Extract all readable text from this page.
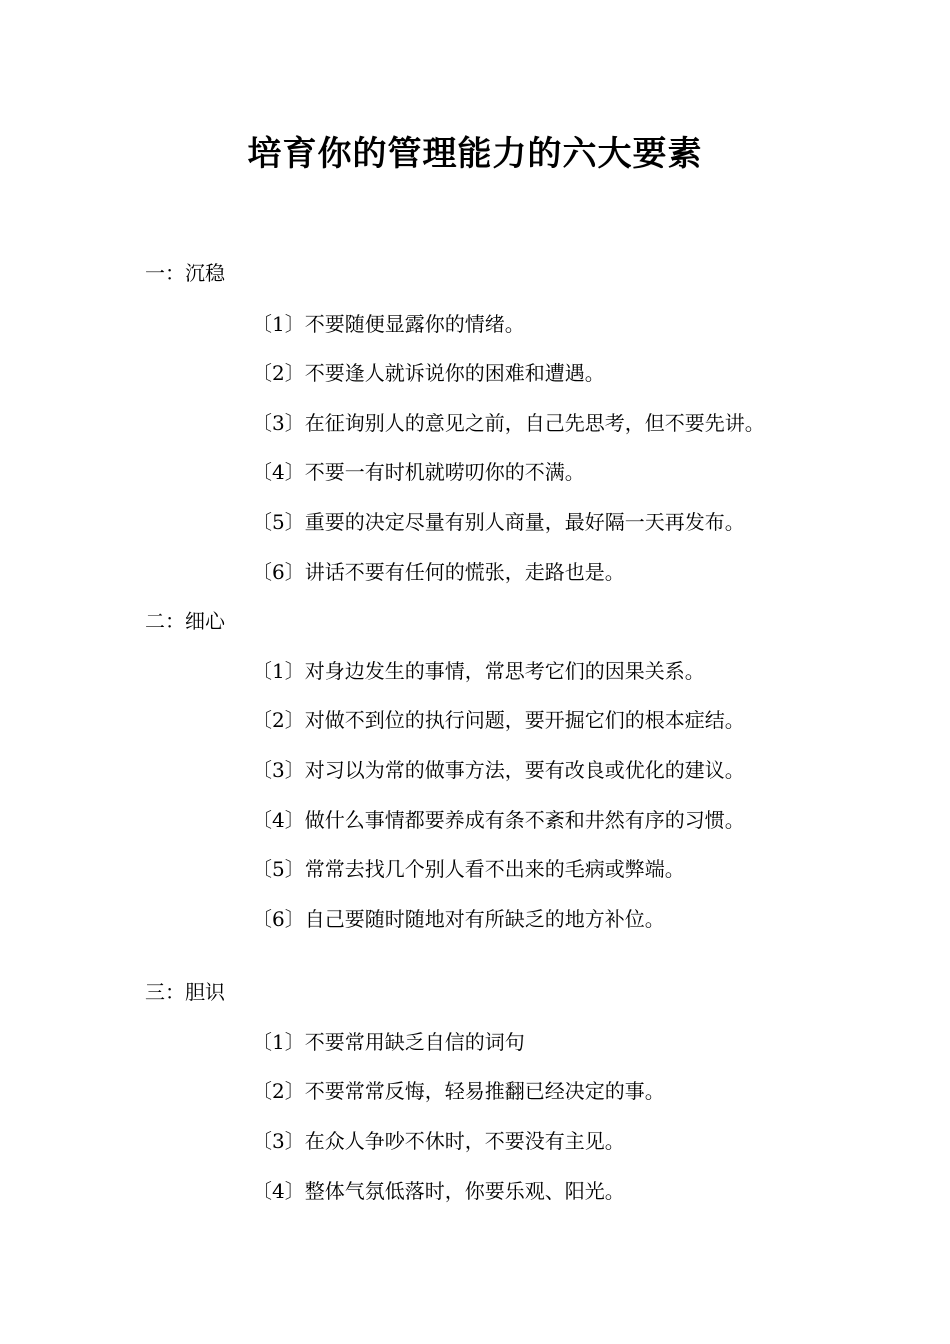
培育你的管理能力的六大要素
一：沉稳
〔1〕不要随便显露你的情绪。
〔2〕不要逢人就诉说你的困难和遭遇。
〔3〕在征询别人的意见之前，自己先思考，但不要先讲。
〔4〕不要一有时机就唠叨你的不满。
〔5〕重要的决定尽量有别人商量，最好隔一天再发布。
〔6〕讲话不要有任何的慌张，走路也是。
二：细心
〔1〕对身边发生的事情，常思考它们的因果关系。
〔2〕对做不到位的执行问题，要开掘它们的根本症结。
〔3〕对习以为常的做事方法，要有改良或优化的建议。
〔4〕做什么事情都要养成有条不紊和井然有序的习惯。
〔5〕常常去找几个别人看不出来的毛病或弊端。
〔6〕自己要随时随地对有所缺乏的地方补位。
三：胆识
〔1〕不要常用缺乏自信的词句
〔2〕不要常常反悔，轻易推翻已经决定的事。
〔3〕在众人争吵不休时，不要没有主见。
〔4〕整体气氛低落时，你要乐观、阳光。
